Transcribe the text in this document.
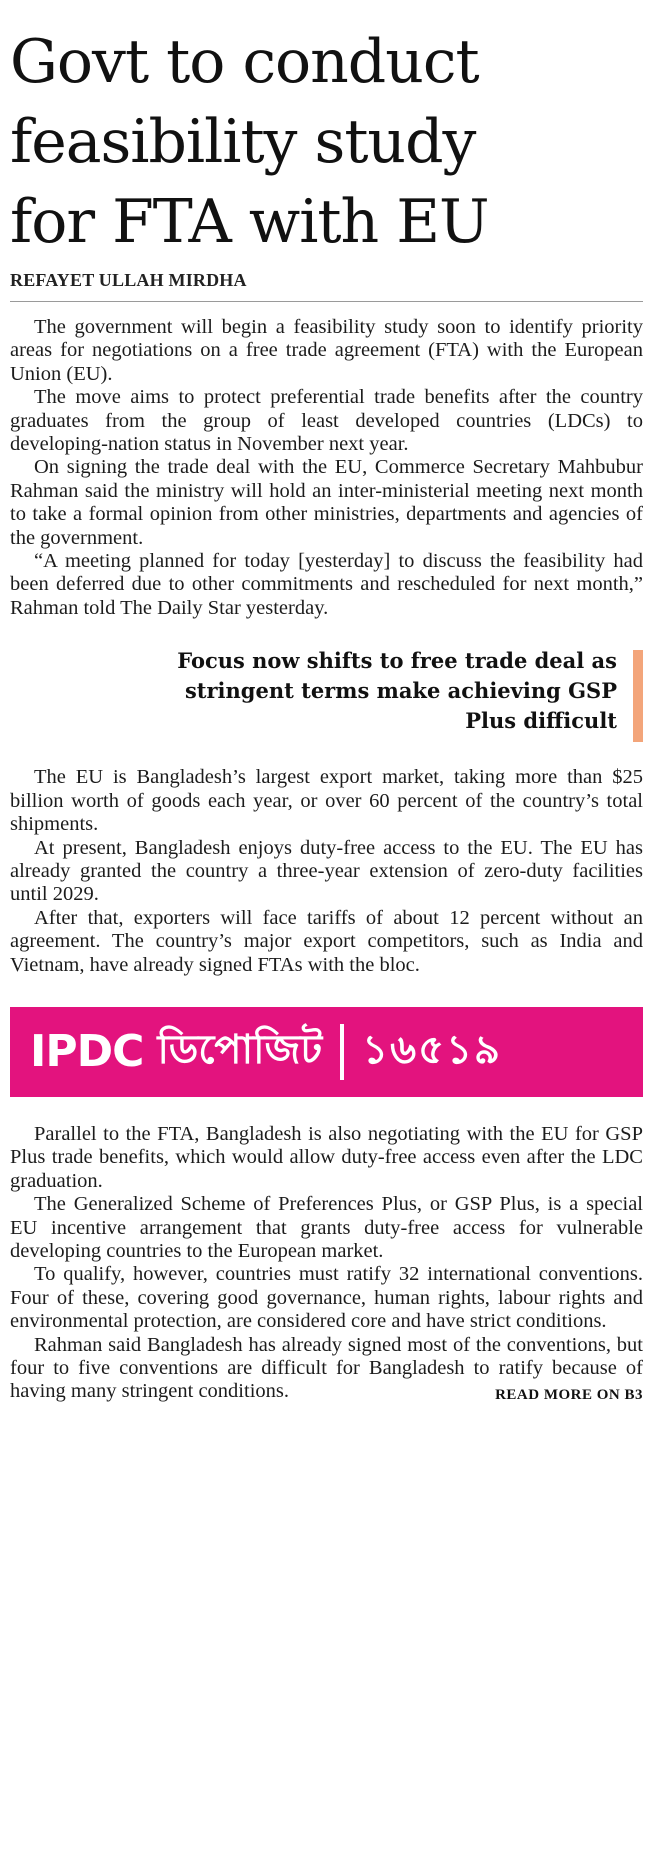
Govt to conduct
feasibility study
for FTA with EU
REFAYET ULLAH MIRDHA

The government will begin a feasibility study soon to identify priority areas for negotiations on a free trade agreement (FTA) with the European Union (EU).

The move aims to protect preferential trade benefits after the country graduates from the group of least developed countries (LDCs) to developing-nation status in November next year.

On signing the trade deal with the EU, Commerce Secretary Mahbubur Rahman said the ministry will hold an inter-ministerial meeting next month to take a formal opinion from other ministries, departments and agencies of the government.

“A meeting planned for today [yesterday] to discuss the feasibility had been deferred due to other commitments and rescheduled for next month,” Rahman told The Daily Star yesterday.

Focus now shifts to free trade deal as
stringent terms make achieving GSP
Plus difficult

The EU is Bangladesh’s largest export market, taking more than $25 billion worth of goods each year, or over 60 percent of the country’s total shipments.

At present, Bangladesh enjoys duty-free access to the EU. The EU has already granted the country a three-year extension of zero-duty facilities until 2029.

After that, exporters will face tariffs of about 12 percent without an agreement. The country’s major export competitors, such as India and Vietnam, have already signed FTAs with the bloc.

IPDC ডিপোজিট ১৬৫১৯

Parallel to the FTA, Bangladesh is also negotiating with the EU for GSP Plus trade benefits, which would allow duty-free access even after the LDC graduation.

The Generalized Scheme of Preferences Plus, or GSP Plus, is a special EU incentive arrangement that grants duty-free access for vulnerable developing countries to the European market.

To qualify, however, countries must ratify 32 international conventions. Four of these, covering good governance, human rights, labour rights and environmental protection, are considered core and have strict conditions.

Rahman said Bangladesh has already signed most of the conventions, but four to five conventions are difficult for Bangladesh to ratify because of having many stringent conditions.	READ MORE ON B3
